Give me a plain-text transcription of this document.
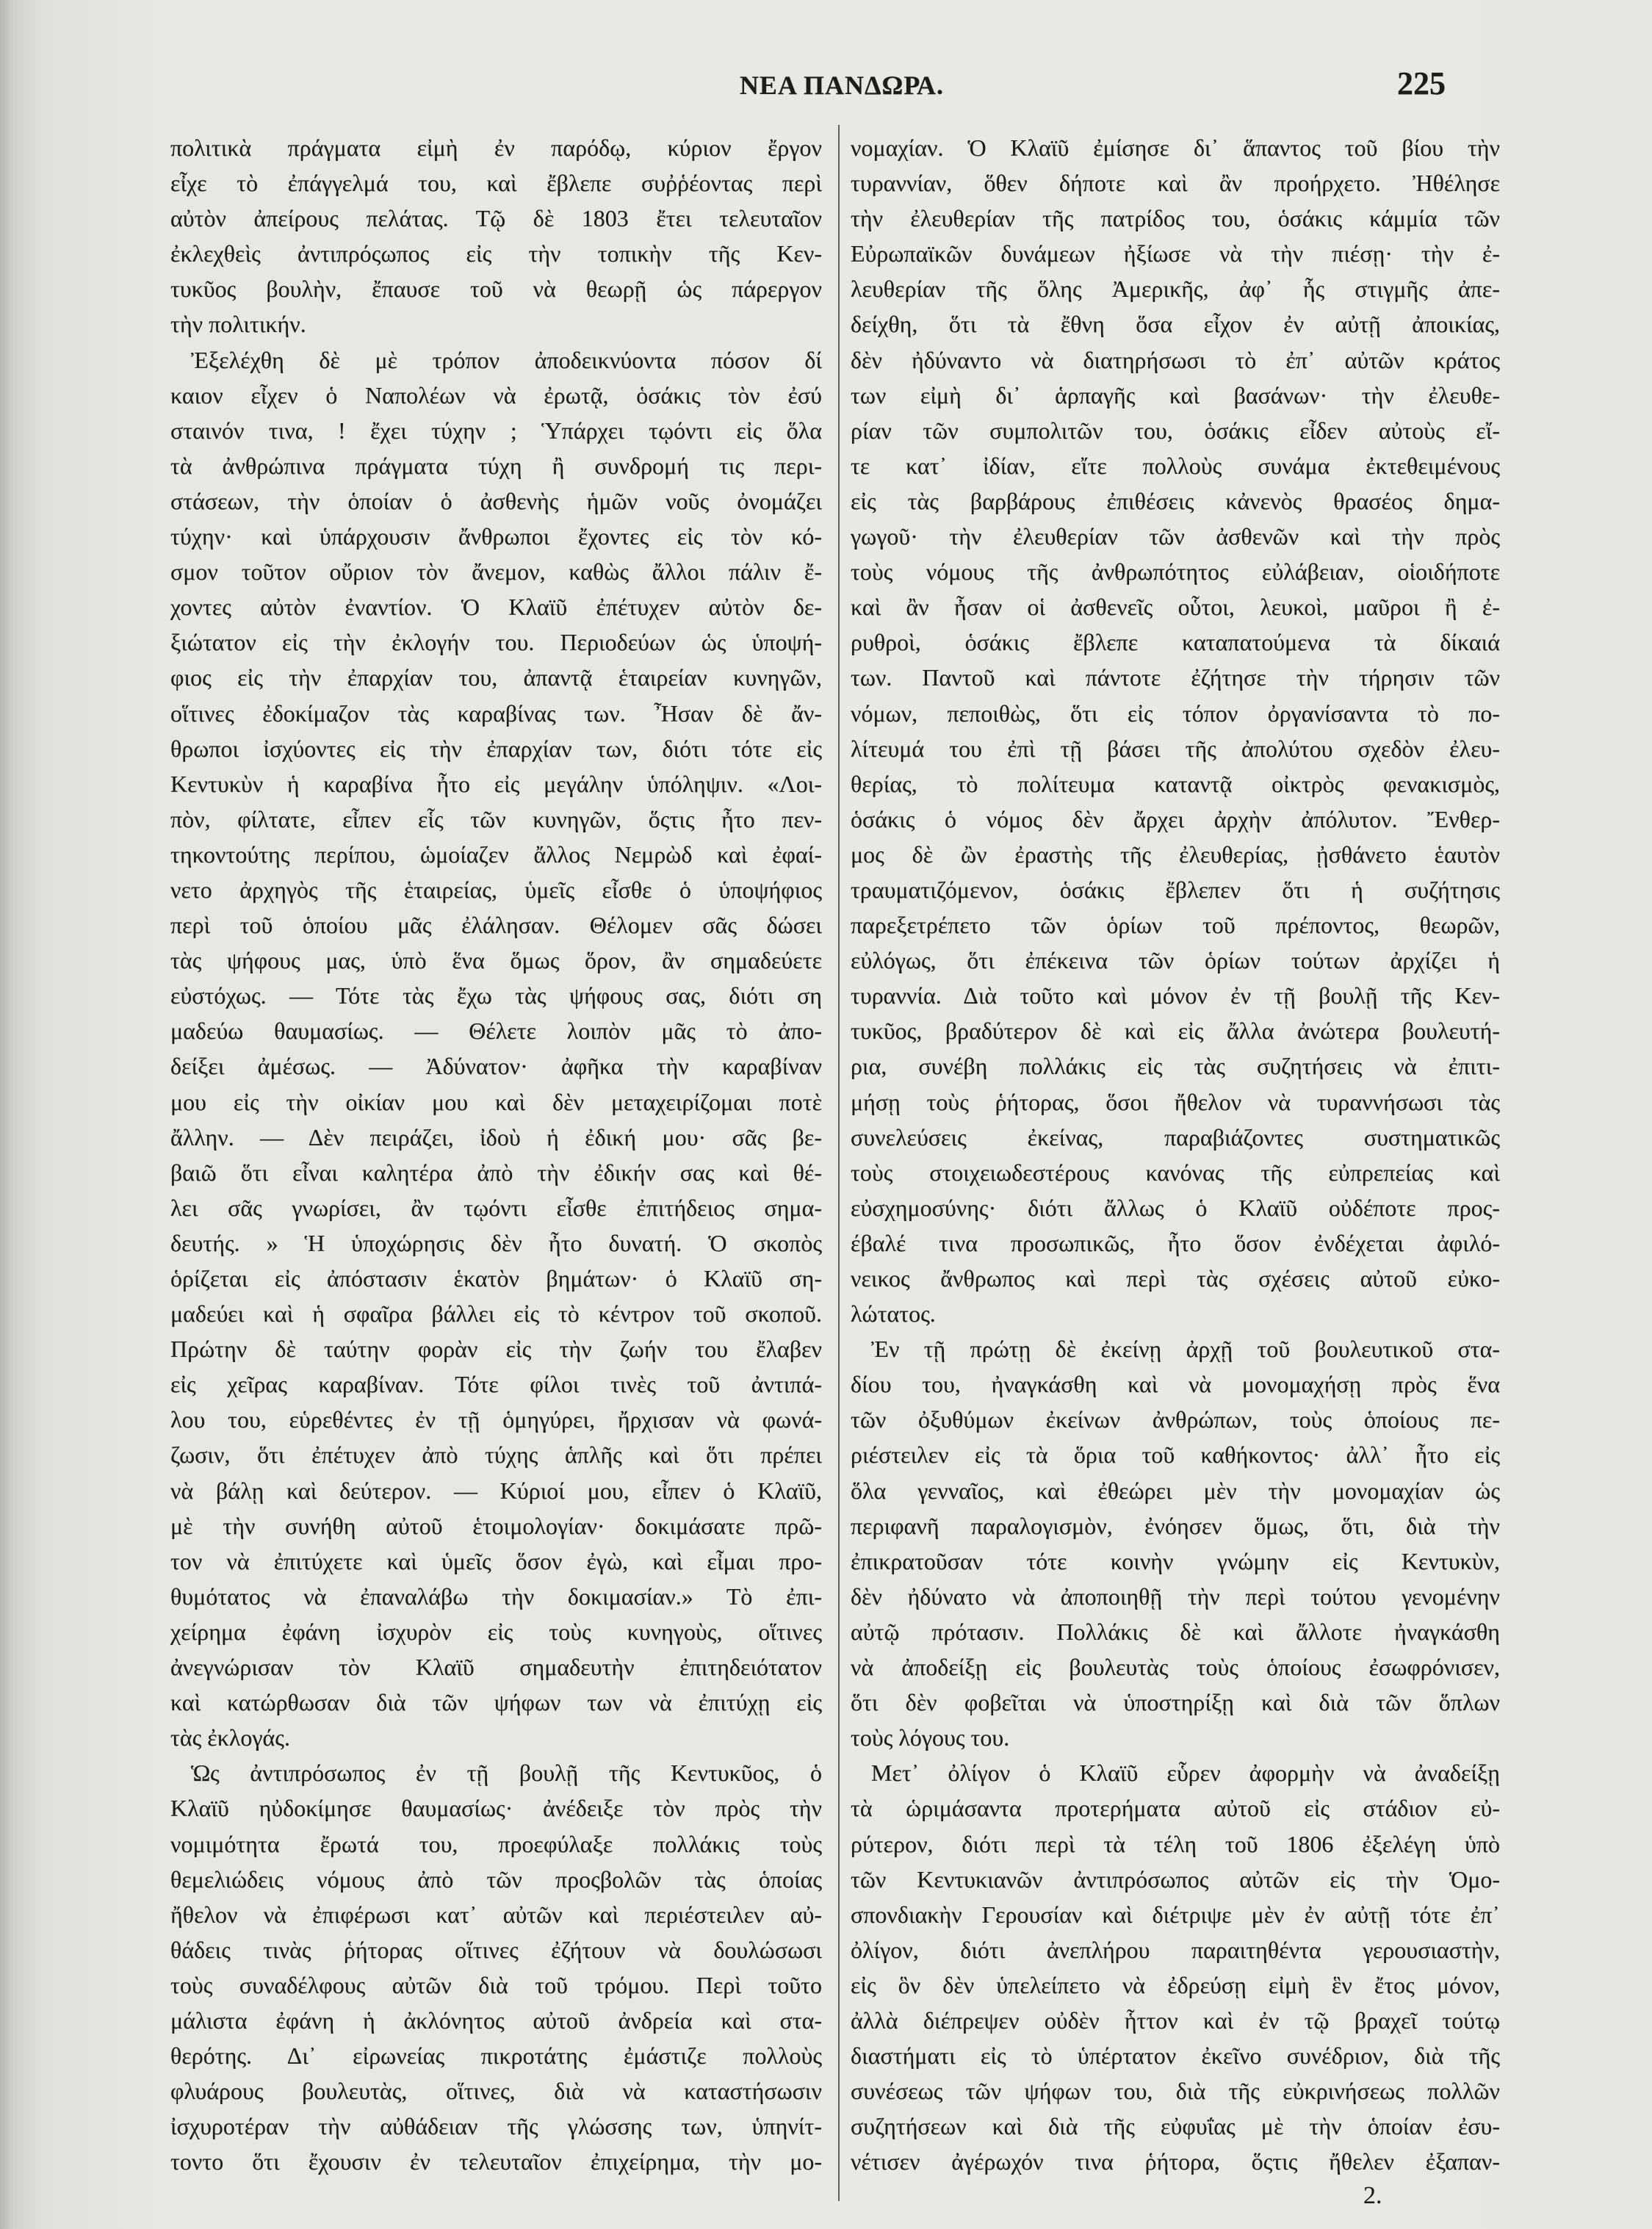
ΝΕΑ ΠΑΝΔΩΡΑ.	225
πολιτικὰ πράγματα εἰμὴ ἐν παρόδῳ, κύριον ἔργον
εἶχε τὸ ἐπάγγελμά του, καὶ ἔβλεπε συῤῥέοντας περὶ
αὐτὸν ἀπείρους πελάτας. Τῷ δὲ 1803 ἔτει τελευταῖον
ἐκλεχθεὶς ἀντιπρόςωπος εἰς τὴν τοπικὴν τῆς Κεν-
τυκῦος βουλὴν, ἔπαυσε τοῦ νὰ θεωρῇ ὡς πάρεργον
τὴν πολιτικήν.
Ἐξελέχθη δὲ μὲ τρόπον ἀποδεικνύοντα πόσον δί
καιον εἶχεν ὁ Ναπολέων νὰ ἐρωτᾷ, ὁσάκις τὸν ἐσύ
σταινόν τινα, ! ἔχει τύχην ; Ὑπάρχει τῳόντι εἰς ὅλα
τὰ ἀνθρώπινα πράγματα τύχη ἢ συνδρομή τις περι-
στάσεων, τὴν ὁποίαν ὁ ἀσθενὴς ἡμῶν νοῦς ὀνομάζει
τύχην· καὶ ὑπάρχουσιν ἄνθρωποι ἔχοντες εἰς τὸν κό-
σμον τοῦτον οὔριον τὸν ἄνεμον, καθὼς ἄλλοι πάλιν ἔ-
χοντες αὐτὸν ἐναντίον. Ὁ Κλαϊῦ ἐπέτυχεν αὐτὸν δε-
ξιώτατον εἰς τὴν ἐκλογήν του. Περιοδεύων ὡς ὑποψή-
φιος εἰς τὴν ἐπαρχίαν του, ἀπαντᾷ ἑταιρείαν κυνηγῶν,
οἵτινες ἐδοκίμαζον τὰς καραβίνας των. Ἦσαν δὲ ἄν-
θρωποι ἰσχύοντες εἰς τὴν ἐπαρχίαν των, διότι τότε εἰς
Κεντυκὺν ἡ καραβίνα ἦτο εἰς μεγάλην ὑπόληψιν. «Λοι-
πὸν, φίλτατε, εἶπεν εἷς τῶν κυνηγῶν, ὅςτις ἦτο πεν-
τηκοντούτης περίπου, ὡμοίαζεν ἄλλος Νεμρὼδ καὶ ἐφαί-
νετο ἀρχηγὸς τῆς ἑταιρείας, ὑμεῖς εἶσθε ὁ ὑποψήφιος
περὶ τοῦ ὁποίου μᾶς ἐλάλησαν. Θέλομεν σᾶς δώσει
τὰς ψήφους μας, ὑπὸ ἕνα ὅμως ὅρον, ἂν σημαδεύετε
εὐστόχως. — Τότε τὰς ἔχω τὰς ψήφους σας, διότι ση
μαδεύω θαυμασίως. — Θέλετε λοιπὸν μᾶς τὸ ἀπο-
δείξει ἀμέσως. — Ἀδύνατον· ἀφῆκα τὴν καραβίναν
μου εἰς τὴν οἰκίαν μου καὶ δὲν μεταχειρίζομαι ποτὲ
ἄλλην. — Δὲν πειράζει, ἰδοὺ ἡ ἐδική μου· σᾶς βε-
βαιῶ ὅτι εἶναι καλητέρα ἀπὸ τὴν ἐδικήν σας καὶ θέ-
λει σᾶς γνωρίσει, ἂν τῳόντι εἶσθε ἐπιτήδειος σημα-
δευτής. » Ἡ ὑποχώρησις δὲν ἦτο δυνατή. Ὁ σκοπὸς
ὁρίζεται εἰς ἀπόστασιν ἑκατὸν βημάτων· ὁ Κλαϊῦ ση-
μαδεύει καὶ ἡ σφαῖρα βάλλει εἰς τὸ κέντρον τοῦ σκοποῦ.
Πρώτην δὲ ταύτην φορὰν εἰς τὴν ζωήν του ἔλαβεν
εἰς χεῖρας καραβίναν. Τότε φίλοι τινὲς τοῦ ἀντιπά-
λου του, εὑρεθέντες ἐν τῇ ὁμηγύρει, ἤρχισαν νὰ φωνά-
ζωσιν, ὅτι ἐπέτυχεν ἀπὸ τύχης ἁπλῆς καὶ ὅτι πρέπει
νὰ βάλῃ καὶ δεύτερον. — Κύριοί μου, εἶπεν ὁ Κλαϊῦ,
μὲ τὴν συνήθη αὐτοῦ ἑτοιμολογίαν· δοκιμάσατε πρῶ-
τον νὰ ἐπιτύχετε καὶ ὑμεῖς ὅσον ἐγὼ, καὶ εἶμαι προ-
θυμότατος νὰ ἐπαναλάβω τὴν δοκιμασίαν.» Τὸ ἐπι-
χείρημα ἐφάνη ἰσχυρὸν εἰς τοὺς κυνηγοὺς, οἵτινες
ἀνεγνώρισαν τὸν Κλαϊῦ σημαδευτὴν ἐπιτηδειότατον
καὶ κατώρθωσαν διὰ τῶν ψήφων των νὰ ἐπιτύχῃ εἰς
τὰς ἐκλογάς.
Ὡς ἀντιπρόσωπος ἐν τῇ βουλῇ τῆς Κεντυκῦος, ὁ
Κλαϊῦ ηὐδοκίμησε θαυμασίως· ἀνέδειξε τὸν πρὸς τὴν
νομιμότητα ἔρωτά του, προεφύλαξε πολλάκις τοὺς
θεμελιώδεις νόμους ἀπὸ τῶν προςβολῶν τὰς ὁποίας
ἤθελον νὰ ἐπιφέρωσι κατ᾽ αὐτῶν καὶ περιέστειλεν αὐ-
θάδεις τινὰς ῥήτορας οἵτινες ἐζήτουν νὰ δουλώσωσι
τοὺς συναδέλφους αὐτῶν διὰ τοῦ τρόμου. Περὶ τοῦτο
μάλιστα ἐφάνη ἡ ἀκλόνητος αὐτοῦ ἀνδρεία καὶ στα-
θερότης. Δι᾽ εἰρωνείας πικροτάτης ἐμάστιζε πολλοὺς
φλυάρους βουλευτὰς, οἵτινες, διὰ νὰ καταστήσωσιν
ἰσχυροτέραν τὴν αὐθάδειαν τῆς γλώσσης των, ὑπηνίτ-
τοντο ὅτι ἔχουσιν ἐν τελευταῖον ἐπιχείρημα, τὴν μο-
νομαχίαν. Ὁ Κλαϊῦ ἐμίσησε δι᾽ ἅπαντος τοῦ βίου τὴν
τυραννίαν, ὅθεν δήποτε καὶ ἂν προήρχετο. Ἠθέλησε
τὴν ἐλευθερίαν τῆς πατρίδος του, ὁσάκις κάμμία τῶν
Εὐρωπαϊκῶν δυνάμεων ἠξίωσε νὰ τὴν πιέσῃ· τὴν ἐ-
λευθερίαν τῆς ὅλης Ἀμερικῆς, ἀφ᾽ ἧς στιγμῆς ἀπε-
δείχθη, ὅτι τὰ ἔθνη ὅσα εἶχον ἐν αὐτῇ ἀποικίας,
δὲν ἠδύναντο νὰ διατηρήσωσι τὸ ἐπ᾽ αὐτῶν κράτος
των εἰμὴ δι᾽ ἁρπαγῆς καὶ βασάνων· τὴν ἐλευθε-
ρίαν τῶν συμπολιτῶν του, ὁσάκις εἶδεν αὐτοὺς εἴ-
τε κατ᾽ ἰδίαν, εἴτε πολλοὺς συνάμα ἐκτεθειμένους
εἰς τὰς βαρβάρους ἐπιθέσεις κἀνενὸς θρασέος δημα-
γωγοῦ· τὴν ἐλευθερίαν τῶν ἀσθενῶν καὶ τὴν πρὸς
τοὺς νόμους τῆς ἀνθρωπότητος εὐλάβειαν, οἱοιδήποτε
καὶ ἂν ἦσαν οἱ ἀσθενεῖς οὗτοι, λευκοὶ, μαῦροι ἢ ἐ-
ρυθροὶ, ὁσάκις ἔβλεπε καταπατούμενα τὰ δίκαιά
των. Παντοῦ καὶ πάντοτε ἐζήτησε τὴν τήρησιν τῶν
νόμων, πεποιθὼς, ὅτι εἰς τόπον ὀργανίσαντα τὸ πο-
λίτευμά του ἐπὶ τῇ βάσει τῆς ἀπολύτου σχεδὸν ἐλευ-
θερίας, τὸ πολίτευμα καταντᾷ οἰκτρὸς φενακισμὸς,
ὁσάκις ὁ νόμος δὲν ἄρχει ἀρχὴν ἀπόλυτον. Ἔνθερ-
μος δὲ ὢν ἐραστὴς τῆς ἐλευθερίας, ᾐσθάνετο ἑαυτὸν
τραυματιζόμενον, ὁσάκις ἔβλεπεν ὅτι ἡ συζήτησις
παρεξετρέπετο τῶν ὁρίων τοῦ πρέποντος, θεωρῶν,
εὐλόγως, ὅτι ἐπέκεινα τῶν ὁρίων τούτων ἀρχίζει ἡ
τυραννία. Διὰ τοῦτο καὶ μόνον ἐν τῇ βουλῇ τῆς Κεν-
τυκῦος, βραδύτερον δὲ καὶ εἰς ἄλλα ἀνώτερα βουλευτή-
ρια, συνέβη πολλάκις εἰς τὰς συζητήσεις νὰ ἐπιτι-
μήσῃ τοὺς ῥήτορας, ὅσοι ἤθελον νὰ τυραννήσωσι τὰς
συνελεύσεις ἐκείνας, παραβιάζοντες συστηματικῶς
τοὺς στοιχειωδεστέρους κανόνας τῆς εὐπρεπείας καὶ
εὐσχημοσύνης· διότι ἄλλως ὁ Κλαϊῦ οὐδέποτε προς-
έβαλέ τινα προσωπικῶς, ἦτο ὅσον ἐνδέχεται ἀφιλό-
νεικος ἄνθρωπος καὶ περὶ τὰς σχέσεις αὐτοῦ εὐκο-
λώτατος.
Ἐν τῇ πρώτῃ δὲ ἐκείνῃ ἀρχῇ τοῦ βουλευτικοῦ στα-
δίου του, ἠναγκάσθη καὶ νὰ μονομαχήσῃ πρὸς ἕνα
τῶν ὀξυθύμων ἐκείνων ἀνθρώπων, τοὺς ὁποίους πε-
ριέστειλεν εἰς τὰ ὅρια τοῦ καθήκοντος· ἀλλ᾽ ἦτο εἰς
ὅλα γενναῖος, καὶ ἐθεώρει μὲν τὴν μονομαχίαν ὡς
περιφανῆ παραλογισμὸν, ἐνόησεν ὅμως, ὅτι, διὰ τὴν
ἐπικρατοῦσαν τότε κοινὴν γνώμην εἰς Κεντυκὺν,
δὲν ἠδύνατο νὰ ἀποποιηθῇ τὴν περὶ τούτου γενομένην
αὐτῷ πρότασιν. Πολλάκις δὲ καὶ ἄλλοτε ἠναγκάσθη
νὰ ἀποδείξῃ εἰς βουλευτὰς τοὺς ὁποίους ἐσωφρόνισεν,
ὅτι δὲν φοβεῖται νὰ ὑποστηρίξῃ καὶ διὰ τῶν ὅπλων
τοὺς λόγους του.
Μετ᾽ ὀλίγον ὁ Κλαϊῦ εὗρεν ἀφορμὴν νὰ ἀναδείξῃ
τὰ ὡριμάσαντα προτερήματα αὐτοῦ εἰς στάδιον εὐ-
ρύτερον, διότι περὶ τὰ τέλη τοῦ 1806 ἐξελέγη ὑπὸ
τῶν Κεντυκιανῶν ἀντιπρόσωπος αὐτῶν εἰς τὴν Ὁμο-
σπονδιακὴν Γερουσίαν καὶ διέτριψε μὲν ἐν αὐτῇ τότε ἐπ᾽
ὀλίγον, διότι ἀνεπλήρου παραιτηθέντα γερουσιαστὴν,
εἰς ὃν δὲν ὑπελείπετο νὰ ἐδρεύσῃ εἰμὴ ἓν ἔτος μόνον,
ἀλλὰ διέπρεψεν οὐδὲν ἧττον καὶ ἐν τῷ βραχεῖ τούτῳ
διαστήματι εἰς τὸ ὑπέρτατον ἐκεῖνο συνέδριον, διὰ τῆς
συνέσεως τῶν ψήφων του, διὰ τῆς εὐκρινήσεως πολλῶν
συζητήσεων καὶ διὰ τῆς εὐφυΐας μὲ τὴν ὁποίαν ἐσυ-
νέτισεν ἀγέρωχόν τινα ῥήτορα, ὅςτις ἤθελεν ἐξαπαν-
2.
